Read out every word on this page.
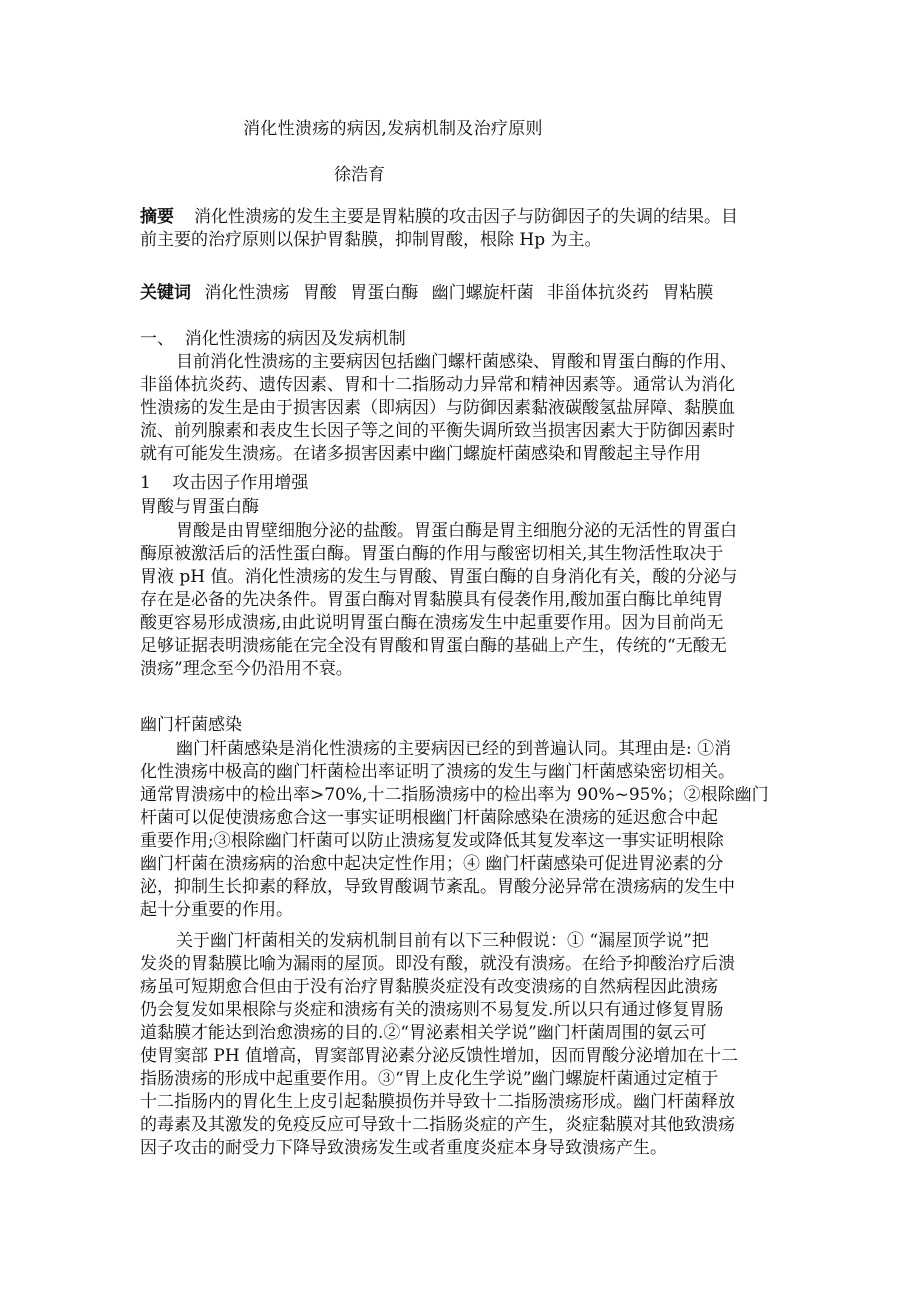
消化性溃疡的病因,发病机制及治疗原则
徐浩育
摘要 消化性溃疡的发生主要是胃粘膜的攻击因子与防御因子的失调的结果。目
前主要的治疗原则以保护胃黏膜，抑制胃酸，根除 Hp 为主。
关键词 消化性溃疡 胃酸 胃蛋白酶 幽门螺旋杆菌 非甾体抗炎药 胃粘膜
一、  消化性溃疡的病因及发病机制
目前消化性溃疡的主要病因包括幽门螺杆菌感染、胃酸和胃蛋白酶的作用、
非甾体抗炎药、遗传因素、胃和十二指肠动力异常和精神因素等。通常认为消化
性溃疡的发生是由于损害因素（即病因）与防御因素黏液碳酸氢盐屏障、黏膜血
流、前列腺素和表皮生长因子等之间的平衡失调所致当损害因素大于防御因素时
就有可能发生溃疡。在诸多损害因素中幽门螺旋杆菌感染和胃酸起主导作用
1    攻击因子作用增强
胃酸与胃蛋白酶
胃酸是由胃壁细胞分泌的盐酸。胃蛋白酶是胃主细胞分泌的无活性的胃蛋白
酶原被激活后的活性蛋白酶。胃蛋白酶的作用与酸密切相关,其生物活性取决于
胃液 pH 值。消化性溃疡的发生与胃酸、胃蛋白酶的自身消化有关，酸的分泌与
存在是必备的先决条件。胃蛋白酶对胃黏膜具有侵袭作用,酸加蛋白酶比单纯胃
酸更容易形成溃疡,由此说明胃蛋白酶在溃疡发生中起重要作用。因为目前尚无
足够证据表明溃疡能在完全没有胃酸和胃蛋白酶的基础上产生，传统的“无酸无
溃疡”理念至今仍沿用不衰。
幽门杆菌感染
幽门杆菌感染是消化性溃疡的主要病因已经的到普遍认同。其理由是: ①消
化性溃疡中极高的幽门杆菌检出率证明了溃疡的发生与幽门杆菌感染密切相关。
通常胃溃疡中的检出率>70%,十二指肠溃疡中的检出率为 90%~95%；②根除幽门
杆菌可以促使溃疡愈合这一事实证明根幽门杆菌除感染在溃疡的延迟愈合中起
重要作用;③根除幽门杆菌可以防止溃疡复发或降低其复发率这一事实证明根除
幽门杆菌在溃疡病的治愈中起决定性作用；④ 幽门杆菌感染可促进胃泌素的分
泌，抑制生长抑素的释放，导致胃酸调节紊乱。胃酸分泌异常在溃疡病的发生中
起十分重要的作用。
关于幽门杆菌相关的发病机制目前有以下三种假说：① “漏屋顶学说”把
发炎的胃黏膜比喻为漏雨的屋顶。即没有酸，就没有溃疡。在给予抑酸治疗后溃
疡虽可短期愈合但由于没有治疗胃黏膜炎症没有改变溃疡的自然病程因此溃疡
仍会复发如果根除与炎症和溃疡有关的溃疡则不易复发.所以只有通过修复胃肠
道黏膜才能达到治愈溃疡的目的.②“胃泌素相关学说”幽门杆菌周围的氨云可
使胃窦部 PH 值增高，胃窦部胃泌素分泌反馈性增加，因而胃酸分泌增加在十二
指肠溃疡的形成中起重要作用。③“胃上皮化生学说”幽门螺旋杆菌通过定植于
十二指肠内的胃化生上皮引起黏膜损伤并导致十二指肠溃疡形成。幽门杆菌释放
的毒素及其激发的免疫反应可导致十二指肠炎症的产生，炎症黏膜对其他致溃疡
因子攻击的耐受力下降导致溃疡发生或者重度炎症本身导致溃疡产生。
